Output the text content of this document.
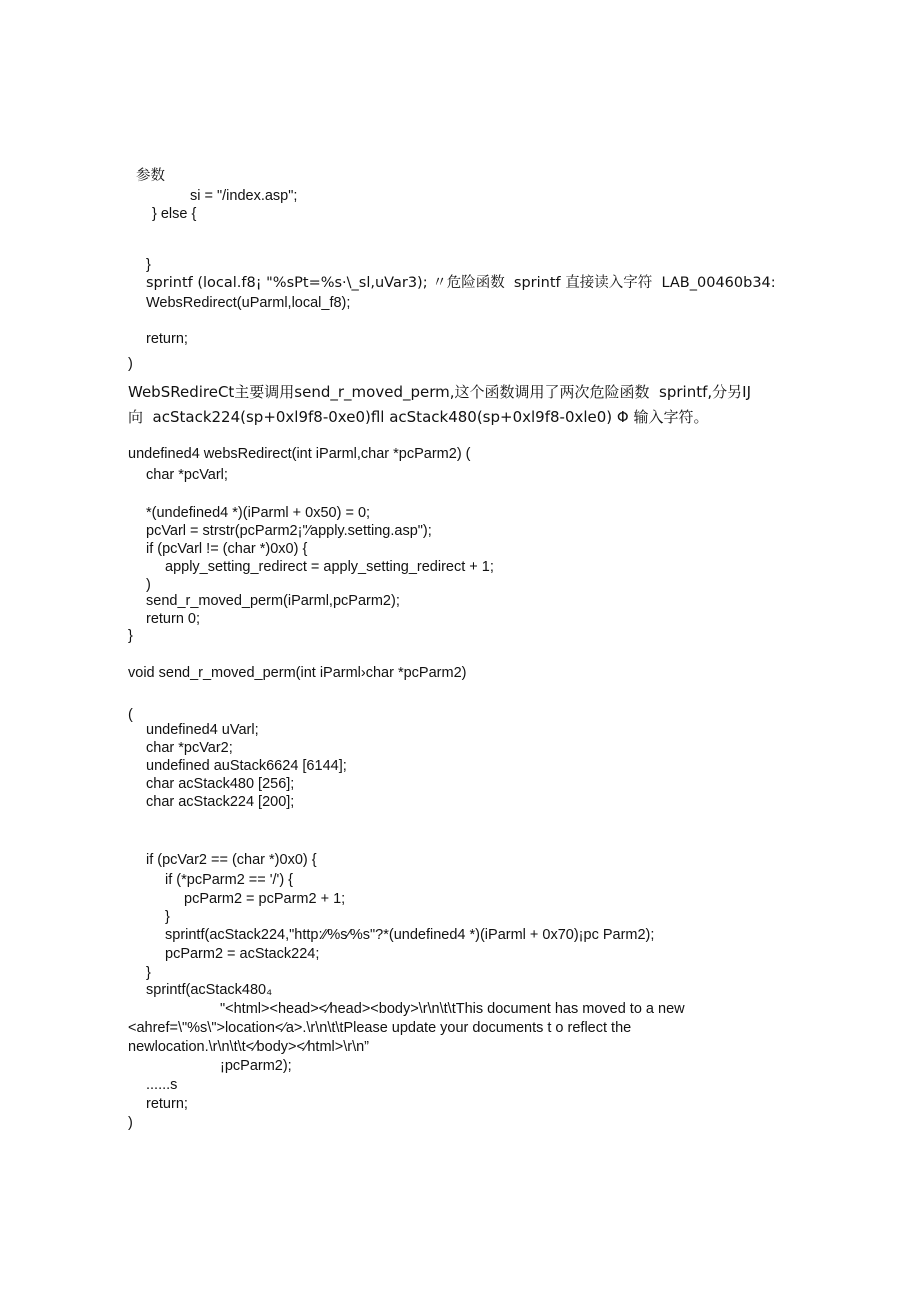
参数
si = "/index.asp";
} else {
}
sprintf (local.f8¡ "%sPt=%s·\_sl,uVar3); 〃危险函数  sprintf 直接读入字符  LAB_00460b34:
WebsRedirect(uParml,local_f8);
return;
)
WebSRedireCt主要调用send_r_moved_perm,这个函数调用了两次危险函数  sprintf,分另IJ
向  acStack224(sp+0xl9f8-0xe0)fll acStack480(sp+0xl9f8-0xle0) Φ 输入字符。
undefined4 websRedirect(int iParml,char *pcParm2) (
char *pcVarl;
*(undefined4 *)(iParml + 0x50) = 0;
pcVarl = strstr(pcParm2¡"⁄apply.setting.asp");
if (pcVarl != (char *)0x0) {
apply_setting_redirect = apply_setting_redirect + 1;
)
send_r_moved_perm(iParml,pcParm2);
return 0;
}
void send_r_moved_perm(int iParml›char *pcParm2)
(
undefined4 uVarl;
char *pcVar2;
undefined auStack6624 [6144];
char acStack480 [256];
char acStack224 [200];
if (pcVar2 == (char *)0x0) {
if (*pcParm2 == '/') {
pcParm2 = pcParm2 + 1;
}
sprintf(acStack224,"http:⁄⁄%s⁄%s"?*(undefined4 *)(iParml + 0x70)¡pc Parm2);
pcParm2 = acStack224;
}
sprintf(acStack480₄
"<html><head><⁄head><body>\r\n\t\tThis document has moved to a new
<ahref=\"%s\">location<⁄a>.\r\n\t\tPlease update your documents t o reflect the
newlocation.\r\n\t\t<⁄body><⁄html>\r\n”
¡pcParm2);
......s
return;
)
